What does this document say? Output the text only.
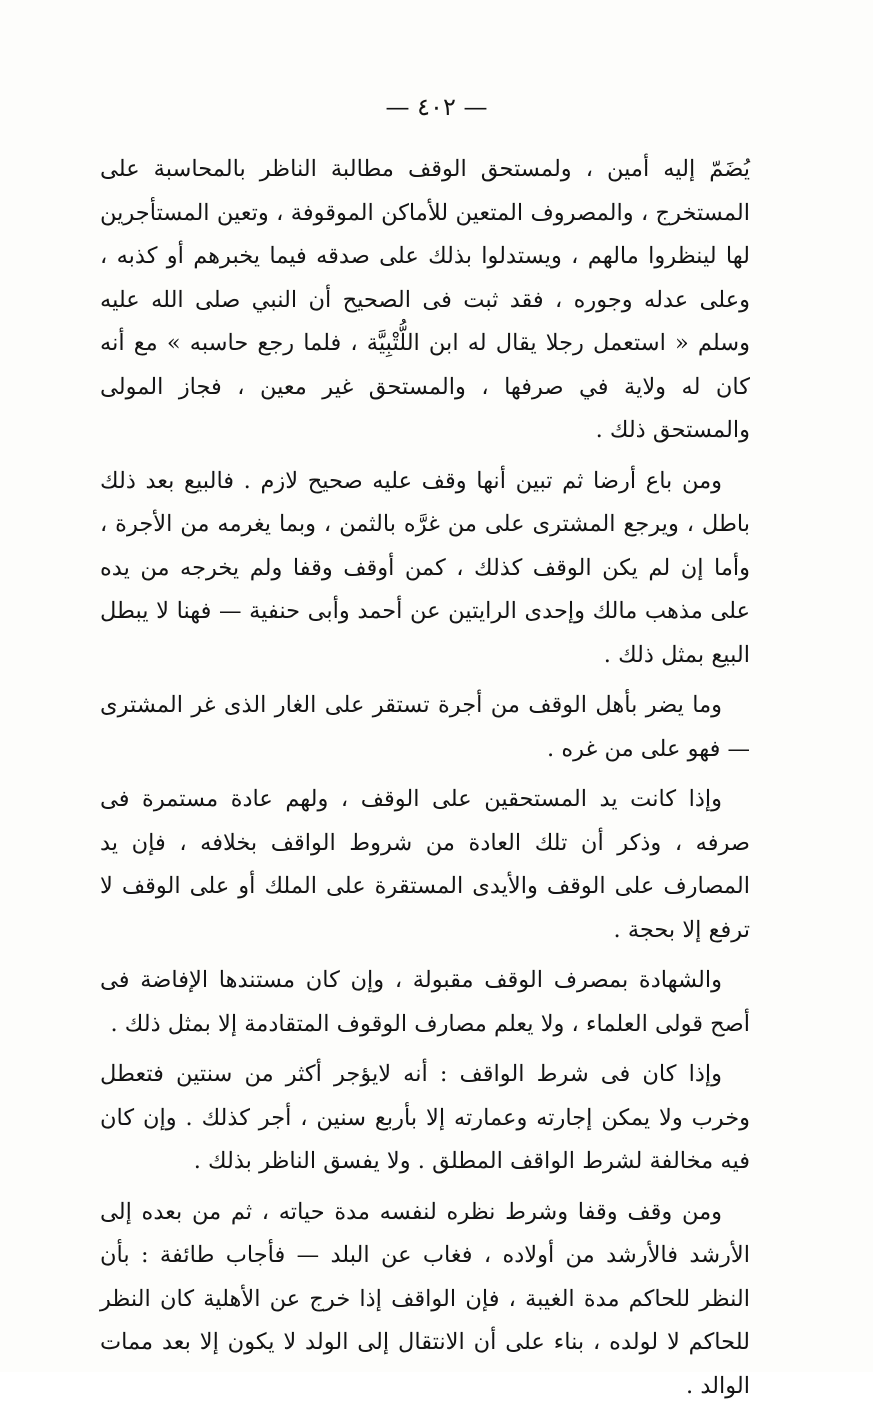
— ٤٠٢ —

يُضَمّ إليه أمين ، ولمستحق الوقف مطالبة الناظر بالمحاسبة على المستخرج ، والمصروف المتعين للأماكن الموقوفة ، وتعين المستأجرين لها لينظروا مالهم ، ويستدلوا بذلك على صدقه فيما يخبرهم أو كذبه ، وعلى عدله وجوره ، فقد ثبت فى الصحيح أن النبي صلى الله عليه وسلم « استعمل رجلا يقال له ابن اللُّتْبِيَّة ، فلما رجع حاسبه » مع أنه كان له ولاية في صرفها ، والمستحق غير معين ، فجاز المولى والمستحق ذلك .

ومن باع أرضا ثم تبين أنها وقف عليه صحيح لازم . فالبيع بعد ذلك باطل ، ويرجع المشترى على من غرَّه بالثمن ، وبما يغرمه من الأجرة ، وأما إن لم يكن الوقف كذلك ، كمن أوقف وقفا ولم يخرجه من يده على مذهب مالك وإحدى الرايتين عن أحمد وأبى حنفية — فهنا لا يبطل البيع بمثل ذلك .

وما يضر بأهل الوقف من أجرة تستقر على الغار الذى غر المشترى — فهو على من غره .

وإذا كانت يد المستحقين على الوقف ، ولهم عادة مستمرة فى صرفه ، وذكر أن تلك العادة من شروط الواقف بخلافه ، فإن يد المصارف على الوقف والأيدى المستقرة على الملك أو على الوقف لا ترفع إلا بحجة .

والشهادة بمصرف الوقف مقبولة ، وإن كان مستندها الإفاضة فى أصح قولى العلماء ، ولا يعلم مصارف الوقوف المتقادمة إلا بمثل ذلك .

وإذا كان فى شرط الواقف : أنه لايؤجر أكثر من سنتين فتعطل وخرب ولا يمكن إجارته وعمارته إلا بأربع سنين ، أجر كذلك . وإن كان فيه مخالفة لشرط الواقف المطلق . ولا يفسق الناظر بذلك .

ومن وقف وقفا وشرط نظره لنفسه مدة حياته ، ثم من بعده إلى الأرشد فالأرشد من أولاده ، فغاب عن البلد — فأجاب طائفة : بأن النظر للحاكم مدة الغيبة ، فإن الواقف إذا خرج عن الأهلية كان النظر للحاكم لا لولده ، بناء على أن الانتقال إلى الولد لا يكون إلا بعد ممات الوالد .
